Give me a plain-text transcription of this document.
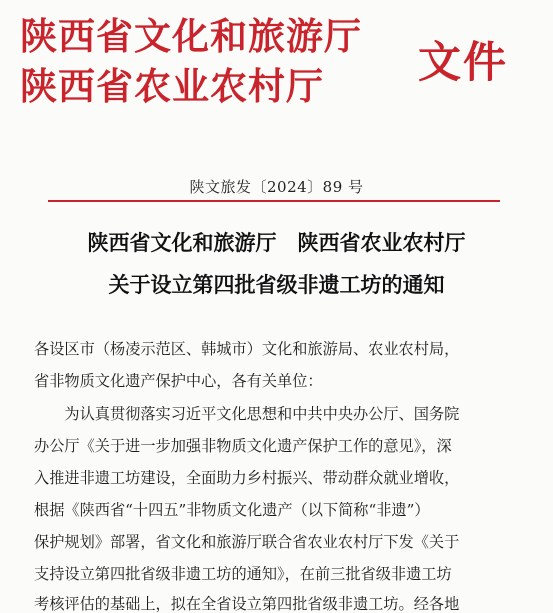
陕西省文化和旅游厅
陕西省农业农村厅 文件
陕文旅发〔2024〕89 号
陕西省文化和旅游厅　陕西省农业农村厅
关于设立第四批省级非遗工坊的通知
各设区市（杨凌示范区、韩城市）文化和旅游局、农业农村局，
省非物质文化遗产保护中心，各有关单位：
　　为认真贯彻落实习近平文化思想和中共中央办公厅、国务院
办公厅《关于进一步加强非物质文化遗产保护工作的意见》，深
入推进非遗工坊建设，全面助力乡村振兴、带动群众就业增收，
根据《陕西省“十四五”非物质文化遗产（以下简称“非遗”）
保护规划》部署，省文化和旅游厅联合省农业农村厅下发《关于
支持设立第四批省级非遗工坊的通知》，在前三批省级非遗工坊
考核评估的基础上，拟在全省设立第四批省级非遗工坊。经各地
